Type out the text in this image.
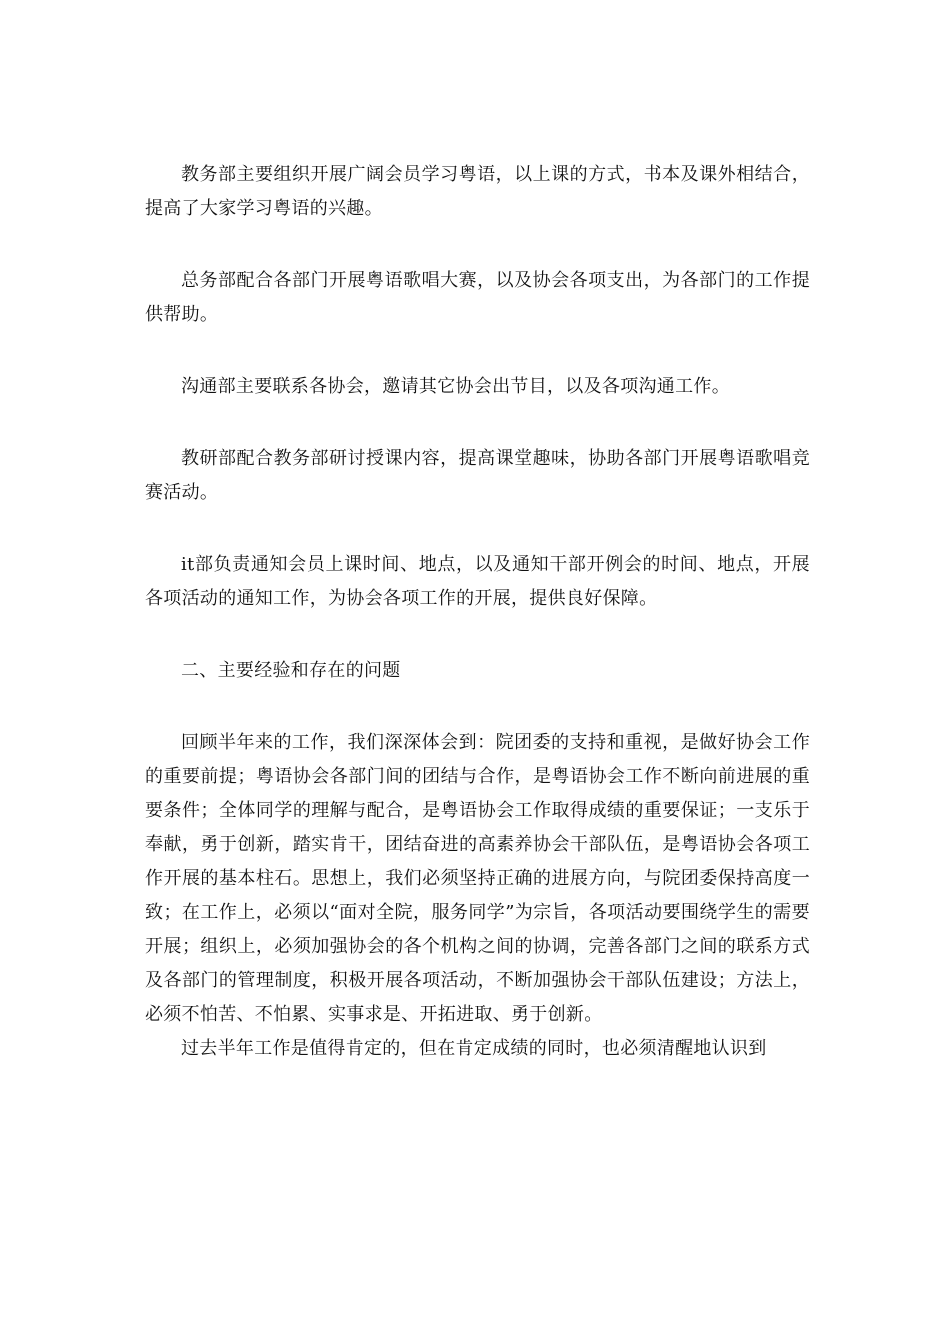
教务部主要组织开展广阔会员学习粤语，以上课的方式，书本及课外相结合，提高了大家学习粤语的兴趣。

总务部配合各部门开展粤语歌唱大赛，以及协会各项支出，为各部门的工作提供帮助。

沟通部主要联系各协会，邀请其它协会出节目，以及各项沟通工作。

教研部配合教务部研讨授课内容，提高课堂趣味，协助各部门开展粤语歌唱竞赛活动。

it部负责通知会员上课时间、地点，以及通知干部开例会的时间、地点，开展各项活动的通知工作，为协会各项工作的开展，提供良好保障。

二、主要经验和存在的问题

回顾半年来的工作，我们深深体会到：院团委的支持和重视，是做好协会工作的重要前提；粤语协会各部门间的团结与合作，是粤语协会工作不断向前进展的重要条件；全体同学的理解与配合，是粤语协会工作取得成绩的重要保证；一支乐于奉献，勇于创新，踏实肯干，团结奋进的高素养协会干部队伍，是粤语协会各项工作开展的基本柱石。思想上，我们必须坚持正确的进展方向，与院团委保持高度一致；在工作上，必须以“面对全院，服务同学”为宗旨，各项活动要围绕学生的需要开展；组织上，必须加强协会的各个机构之间的协调，完善各部门之间的联系方式及各部门的管理制度，积极开展各项活动，不断加强协会干部队伍建设；方法上，必须不怕苦、不怕累、实事求是、开拓进取、勇于创新。

过去半年工作是值得肯定的，但在肯定成绩的同时，也必须清醒地认识到
